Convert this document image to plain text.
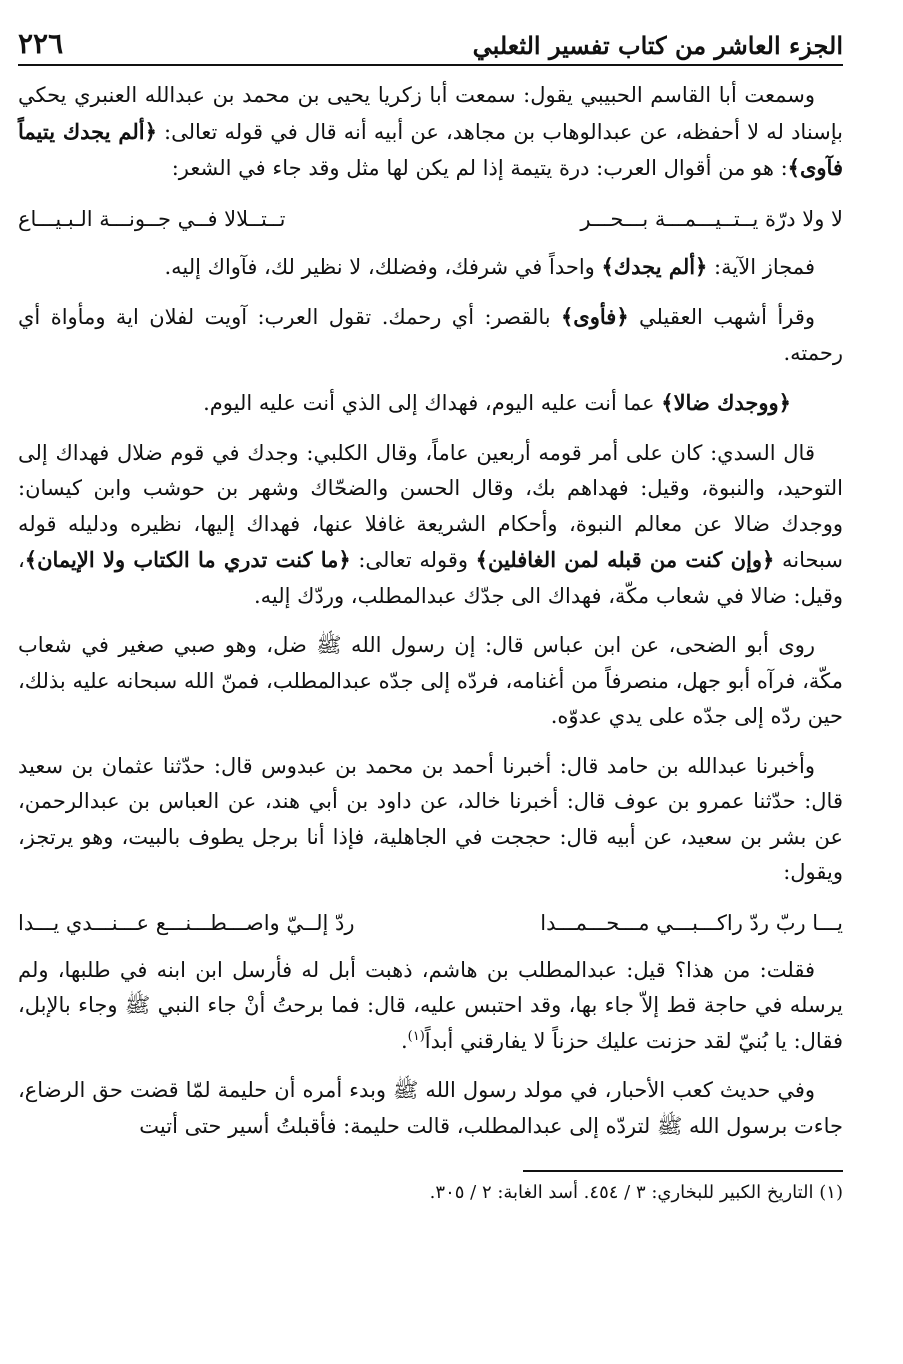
الجزء العاشر من كتاب تفسير الثعلبي
٢٢٦

وسمعت أبا القاسم الحبيبي يقول: سمعت أبا زكريا يحيى بن محمد بن عبدالله العنبري يحكي بإسناد له لا أحفظه، عن عبدالوهاب بن مجاهد، عن أبيه أنه قال في قوله تعالى: ﴿ألم يجدك يتيماً فآوى﴾: هو من أقوال العرب: درة يتيمة إذا لم يكن لها مثل وقد جاء في الشعر:

لا ولا درّة يــتــيـــمـــة بـــحـــر
تــتــلالا فــي جــونـــة الـبـيـــاع

فمجاز الآية: ﴿ألم يجدك﴾ واحداً في شرفك، وفضلك، لا نظير لك، فآواك إليه.

وقرأ أشهب العقيلي ﴿فأوى﴾ بالقصر: أي رحمك. تقول العرب: آويت لفلان اية ومأواة أي رحمته.

﴿ووجدك ضالا﴾ عما أنت عليه اليوم، فهداك إلى الذي أنت عليه اليوم.

قال السدي: كان على أمر قومه أربعين عاماً، وقال الكلبي: وجدك في قوم ضلال فهداك إلى التوحيد، والنبوة، وقيل: فهداهم بك، وقال الحسن والضحّاك وشهر بن حوشب وابن كيسان: ووجدك ضالا عن معالم النبوة، وأحكام الشريعة غافلا عنها، فهداك إليها، نظيره ودليله قوله سبحانه ﴿وإن كنت من قبله لمن الغافلين﴾ وقوله تعالى: ﴿ما كنت تدري ما الكتاب ولا الإيمان﴾، وقيل: ضالا في شعاب مكّة، فهداك الى جدّك عبدالمطلب، وردّك إليه.

روى أبو الضحى، عن ابن عباس قال: إن رسول الله ﷺ ضل، وهو صبي صغير في شعاب مكّة، فرآه أبو جهل، منصرفاً من أغنامه، فردّه إلى جدّه عبدالمطلب، فمنّ الله سبحانه عليه بذلك، حين ردّه إلى جدّه على يدي عدوّه.

وأخبرنا عبدالله بن حامد قال: أخبرنا أحمد بن محمد بن عبدوس قال: حدّثنا عثمان بن سعيد قال: حدّثنا عمرو بن عوف قال: أخبرنا خالد، عن داود بن أبي هند، عن العباس بن عبدالرحمن، عن بشر بن سعيد، عن أبيه قال: حججت في الجاهلية، فإذا أنا برجل يطوف بالبيت، وهو يرتجز، ويقول:

يـــا ربّ ردّ راكـــبـــي مـــحـــمـــدا
ردّ إلــيّ واصـــطـــنـــع عـــنـــدي يـــدا

فقلت: من هذا؟ قيل: عبدالمطلب بن هاشم، ذهبت أبل له فأرسل ابن ابنه في طلبها، ولم يرسله في حاجة قط إلاّ جاء بها، وقد احتبس عليه، قال: فما برحتُ أنْ جاء النبي ﷺ وجاء بالإبل، فقال: يا بُنيّ لقد حزنت عليك حزناً لا يفارقني أبداً$^{(١)}$.

وفي حديث كعب الأحبار، في مولد رسول الله ﷺ وبدء أمره أن حليمة لمّا قضت حق الرضاع، جاءت برسول الله ﷺ لتردّه إلى عبدالمطلب، قالت حليمة: فأقبلتُ أسير حتى أتيت

(١) التاريخ الكبير للبخاري: ٣ / ٤٥٤. أسد الغابة: ٢ / ٣٠٥.
